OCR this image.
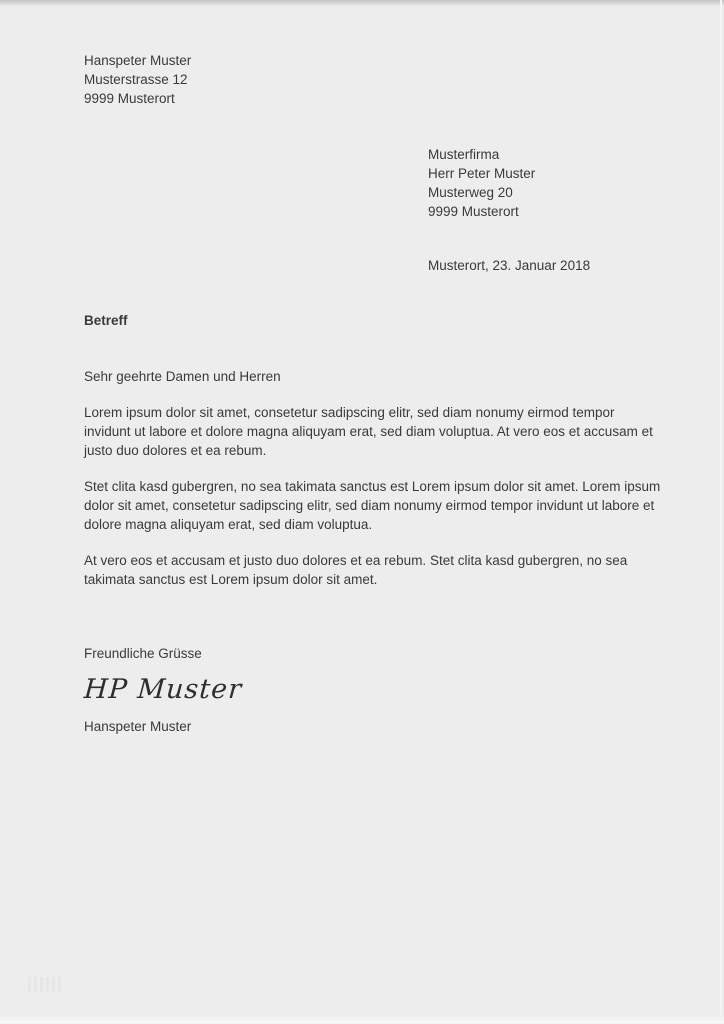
Hanspeter Muster
Musterstrasse 12
9999 Musterort
Musterfirma
Herr Peter Muster
Musterweg 20
9999 Musterort
Musterort, 23. Januar 2018
Betreff
Sehr geehrte Damen und Herren
Lorem ipsum dolor sit amet, consetetur sadipscing elitr, sed diam nonumy eirmod tempor
invidunt ut labore et dolore magna aliquyam erat, sed diam voluptua. At vero eos et accusam et
justo duo dolores et ea rebum.
Stet clita kasd gubergren, no sea takimata sanctus est Lorem ipsum dolor sit amet. Lorem ipsum
dolor sit amet, consetetur sadipscing elitr, sed diam nonumy eirmod tempor invidunt ut labore et
dolore magna aliquyam erat, sed diam voluptua.
At vero eos et accusam et justo duo dolores et ea rebum. Stet clita kasd gubergren, no sea
takimata sanctus est Lorem ipsum dolor sit amet.
Freundliche Grüsse
HP Muster
Hanspeter Muster
